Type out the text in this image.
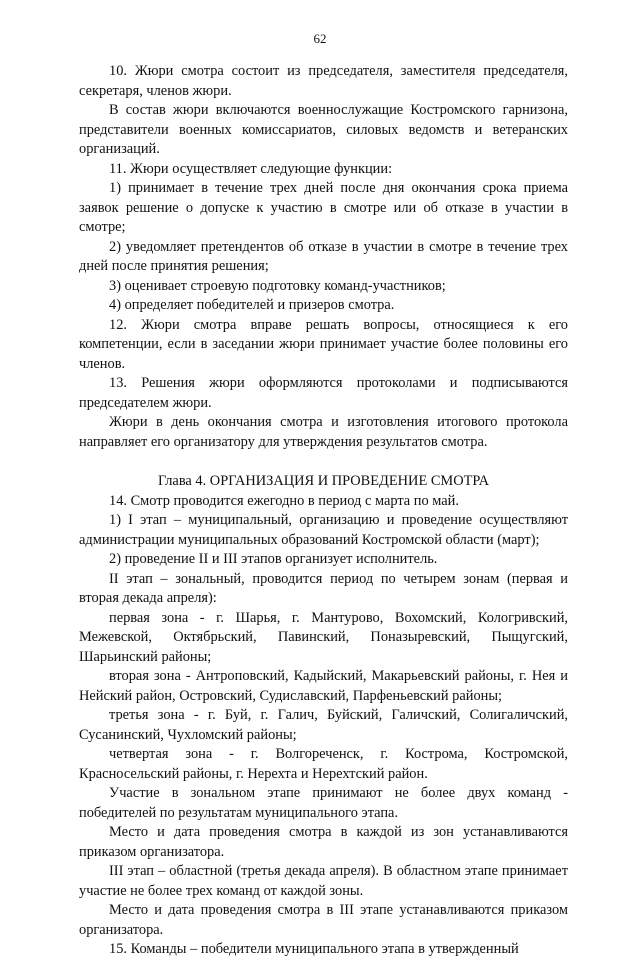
62

10. Жюри смотра состоит из председателя, заместителя председателя, секретаря, членов жюри.

В состав жюри включаются военнослужащие Костромского гарнизона, представители военных комиссариатов, силовых ведомств и ветеранских организаций.

11. Жюри осуществляет следующие функции:

1) принимает в течение трех дней после дня окончания срока приема заявок решение о допуске к участию в смотре или об отказе в участии в смотре;

2) уведомляет претендентов об отказе в участии в смотре в течение трех дней после принятия решения;

3) оценивает строевую подготовку команд-участников;

4) определяет победителей и призеров смотра.

12. Жюри смотра вправе решать вопросы, относящиеся к его компетенции, если в заседании жюри принимает участие более половины его членов.

13. Решения жюри оформляются протоколами и подписываются председателем жюри.

Жюри в день окончания смотра и изготовления итогового протокола направляет его организатору для утверждения результатов смотра.

Глава 4. ОРГАНИЗАЦИЯ И ПРОВЕДЕНИЕ СМОТРА

14. Смотр проводится ежегодно в период с марта по май.

1) I этап – муниципальный, организацию и проведение осуществляют администрации муниципальных образований Костромской области (март);

2) проведение II и III этапов организует исполнитель.

II этап – зональный, проводится период по четырем зонам (первая и вторая декада апреля):

первая зона - г. Шарья, г. Мантурово, Вохомский, Кологривский, Межевской, Октябрьский, Павинский, Поназыревский, Пыщугский, Шарьинский районы;

вторая зона - Антроповский, Кадыйский, Макарьевский районы, г. Нея и Нейский район, Островский, Судиславский, Парфеньевский районы;

третья зона - г. Буй, г. Галич, Буйский, Галичский, Солигаличский, Сусанинский, Чухломский районы;

четвертая зона - г. Волгореченск, г. Кострома, Костромской, Красносельский районы, г. Нерехта и Нерехтский район.

Участие в зональном этапе принимают не более двух команд - победителей по результатам муниципального этапа.

Место и дата проведения смотра в каждой из зон устанавливаются приказом организатора.

III этап – областной (третья декада апреля). В областном этапе принимает участие не более трех команд от каждой зоны.

Место и дата проведения смотра в III этапе устанавливаются приказом организатора.

15. Команды – победители муниципального этапа в утвержденный
